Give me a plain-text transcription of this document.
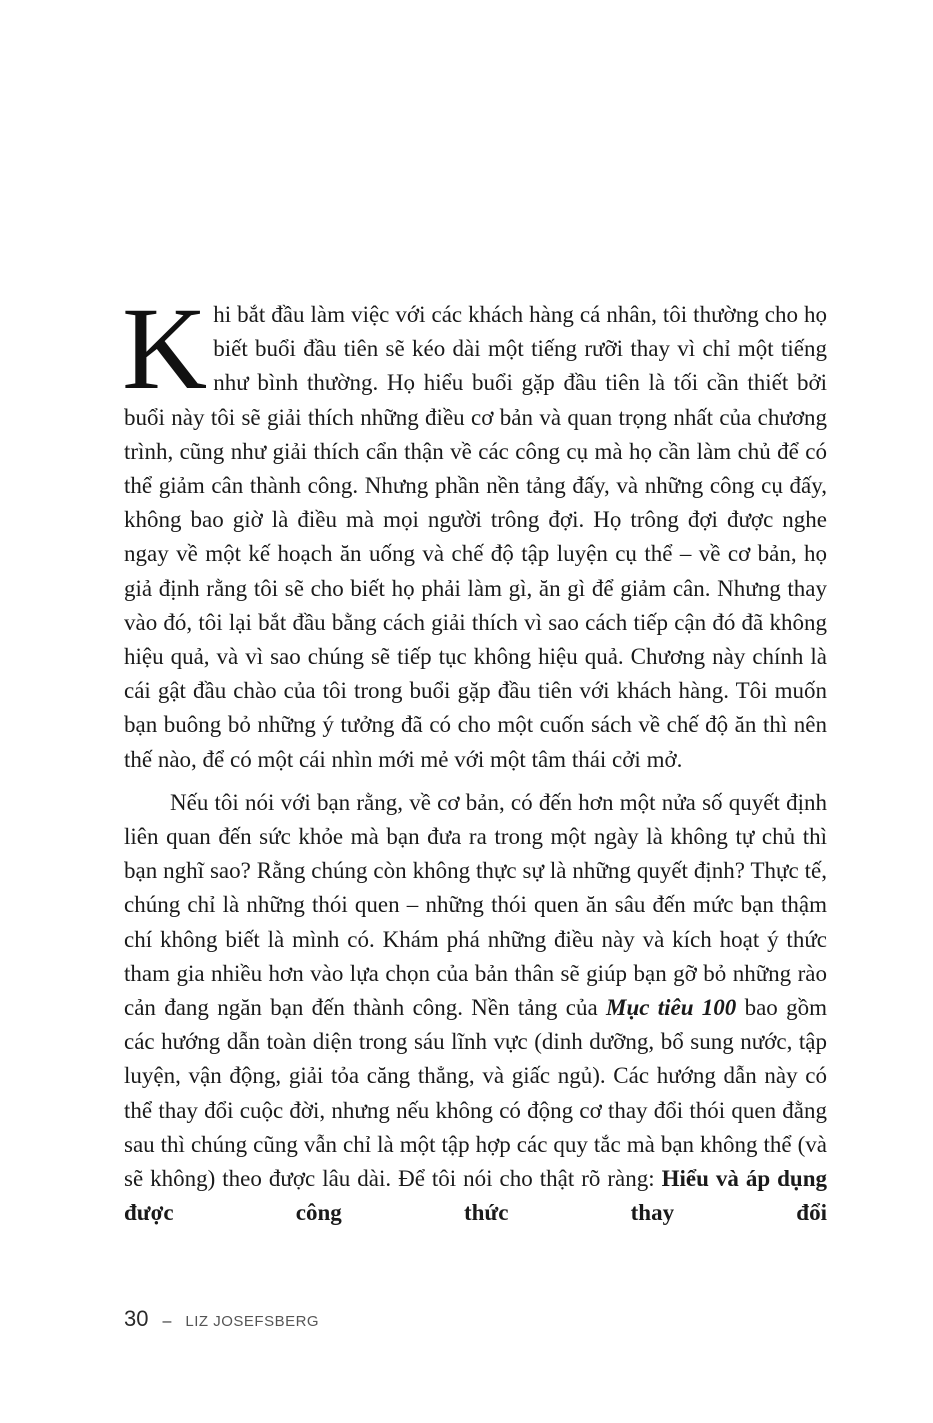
Khi bắt đầu làm việc với các khách hàng cá nhân, tôi thường cho họ biết buổi đầu tiên sẽ kéo dài một tiếng rưỡi thay vì chỉ một tiếng như bình thường. Họ hiểu buổi gặp đầu tiên là tối cần thiết bởi buổi này tôi sẽ giải thích những điều cơ bản và quan trọng nhất của chương trình, cũng như giải thích cẩn thận về các công cụ mà họ cần làm chủ để có thể giảm cân thành công. Nhưng phần nền tảng đấy, và những công cụ đấy, không bao giờ là điều mà mọi người trông đợi. Họ trông đợi được nghe ngay về một kế hoạch ăn uống và chế độ tập luyện cụ thể – về cơ bản, họ giả định rằng tôi sẽ cho biết họ phải làm gì, ăn gì để giảm cân. Nhưng thay vào đó, tôi lại bắt đầu bằng cách giải thích vì sao cách tiếp cận đó đã không hiệu quả, và vì sao chúng sẽ tiếp tục không hiệu quả. Chương này chính là cái gật đầu chào của tôi trong buổi gặp đầu tiên với khách hàng. Tôi muốn bạn buông bỏ những ý tưởng đã có cho một cuốn sách về chế độ ăn thì nên thế nào, để có một cái nhìn mới mẻ với một tâm thái cởi mở.

Nếu tôi nói với bạn rằng, về cơ bản, có đến hơn một nửa số quyết định liên quan đến sức khỏe mà bạn đưa ra trong một ngày là không tự chủ thì bạn nghĩ sao? Rằng chúng còn không thực sự là những quyết định? Thực tế, chúng chỉ là những thói quen – những thói quen ăn sâu đến mức bạn thậm chí không biết là mình có. Khám phá những điều này và kích hoạt ý thức tham gia nhiều hơn vào lựa chọn của bản thân sẽ giúp bạn gỡ bỏ những rào cản đang ngăn bạn đến thành công. Nền tảng của Mục tiêu 100 bao gồm các hướng dẫn toàn diện trong sáu lĩnh vực (dinh dưỡng, bổ sung nước, tập luyện, vận động, giải tỏa căng thẳng, và giấc ngủ). Các hướng dẫn này có thể thay đổi cuộc đời, nhưng nếu không có động cơ thay đổi thói quen đằng sau thì chúng cũng vẫn chỉ là một tập hợp các quy tắc mà bạn không thể (và sẽ không) theo được lâu dài. Để tôi nói cho thật rõ ràng: Hiểu và áp dụng được công thức thay đổi

30 – LIZ JOSEFSBERG
